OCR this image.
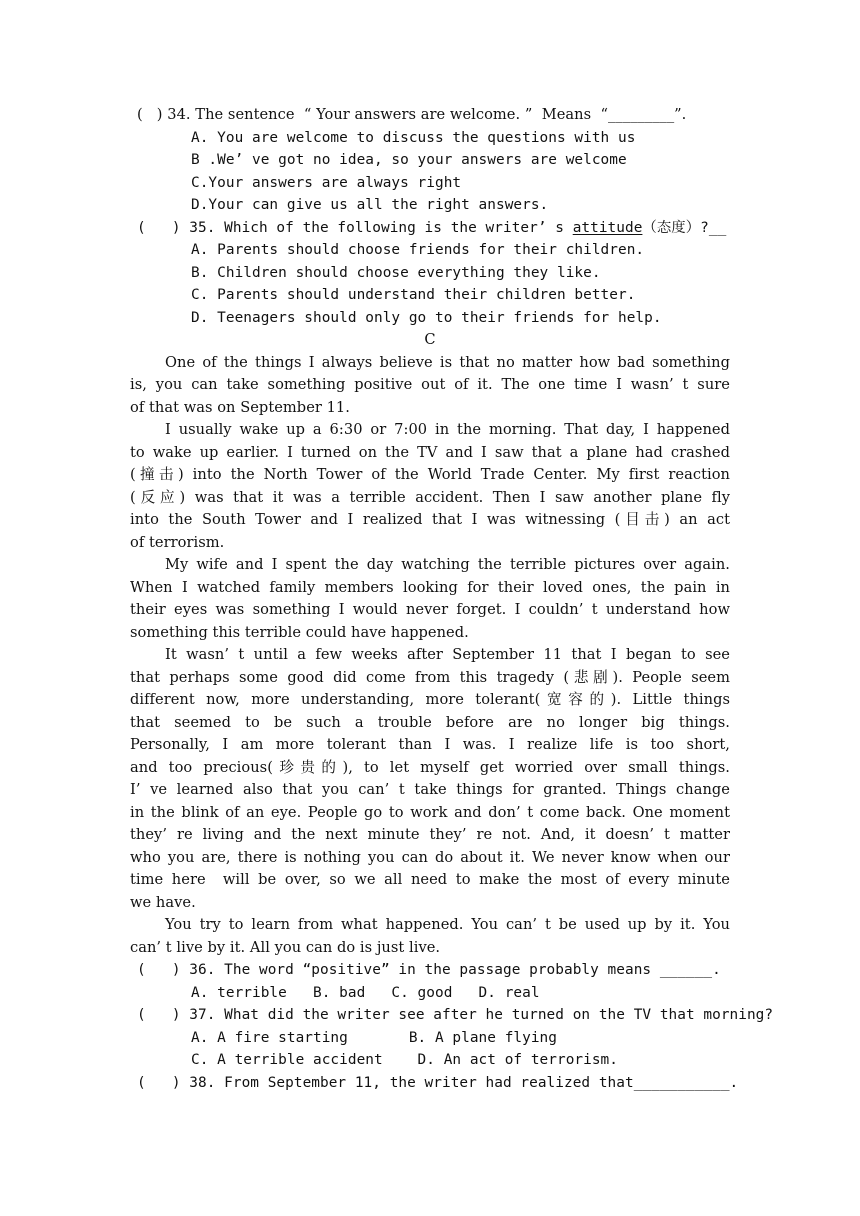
(   ) 34. The sentence  “ Your answers are welcome. ”  Means  “_________”.
A. You are welcome to discuss the questions with us
B .We’ ve got no idea, so your answers are welcome
C.Your answers are always right
D.Your can give us all the right answers.
(   ) 35. Which of the following is the writer’ s attitude（态度）?__
A. Parents should choose friends for their children.
B. Children should choose everything they like.
C. Parents should understand their children better.
D. Teenagers should only go to their friends for help.
C
One of the things I always believe is that no matter how bad something
is, you can take something positive out of it. The one time I wasn’ t sure
of that was on September 11.
I usually wake up a 6:30 or 7:00 in the morning. That day, I happened
to wake up earlier. I turned on the TV and I saw that a plane had crashed
(撞击) into the North Tower of the World Trade Center. My first reaction
(反应) was that it was a terrible accident. Then I saw another plane fly
into the South Tower and I realized that I was witnessing (目击) an act
of terrorism.
My wife and I spent the day watching the terrible pictures over again.
When I watched family members looking for their loved ones, the pain in
their eyes was something I would never forget. I couldn’ t understand how
something this terrible could have happened.
It wasn’ t until a few weeks after September 11 that I began to see
that perhaps some good did come from this tragedy (悲剧). People seem
different now, more understanding, more tolerant(宽容的). Little things
that seemed to be such a trouble before are no longer big things.
Personally, I am more tolerant than I was. I realize life is too short,
and too precious(珍贵的), to let myself get worried over small things.
I’ ve learned also that you can’ t take things for granted. Things change
in the blink of an eye. People go to work and don’ t come back. One moment
they’ re living and the next minute they’ re not. And, it doesn’ t matter
who you are, there is nothing you can do about it. We never know when our
time here  will be over, so we all need to make the most of every minute
we have.
You try to learn from what happened. You can’ t be used up by it. You
can’ t live by it. All you can do is just live.
(   ) 36. The word “positive” in the passage probably means ______.
A. terrible   B. bad   C. good   D. real
(   ) 37. What did the writer see after he turned on the TV that morning?
A. A fire starting       B. A plane flying
C. A terrible accident    D. An act of terrorism.
(   ) 38. From September 11, the writer had realized that___________.
